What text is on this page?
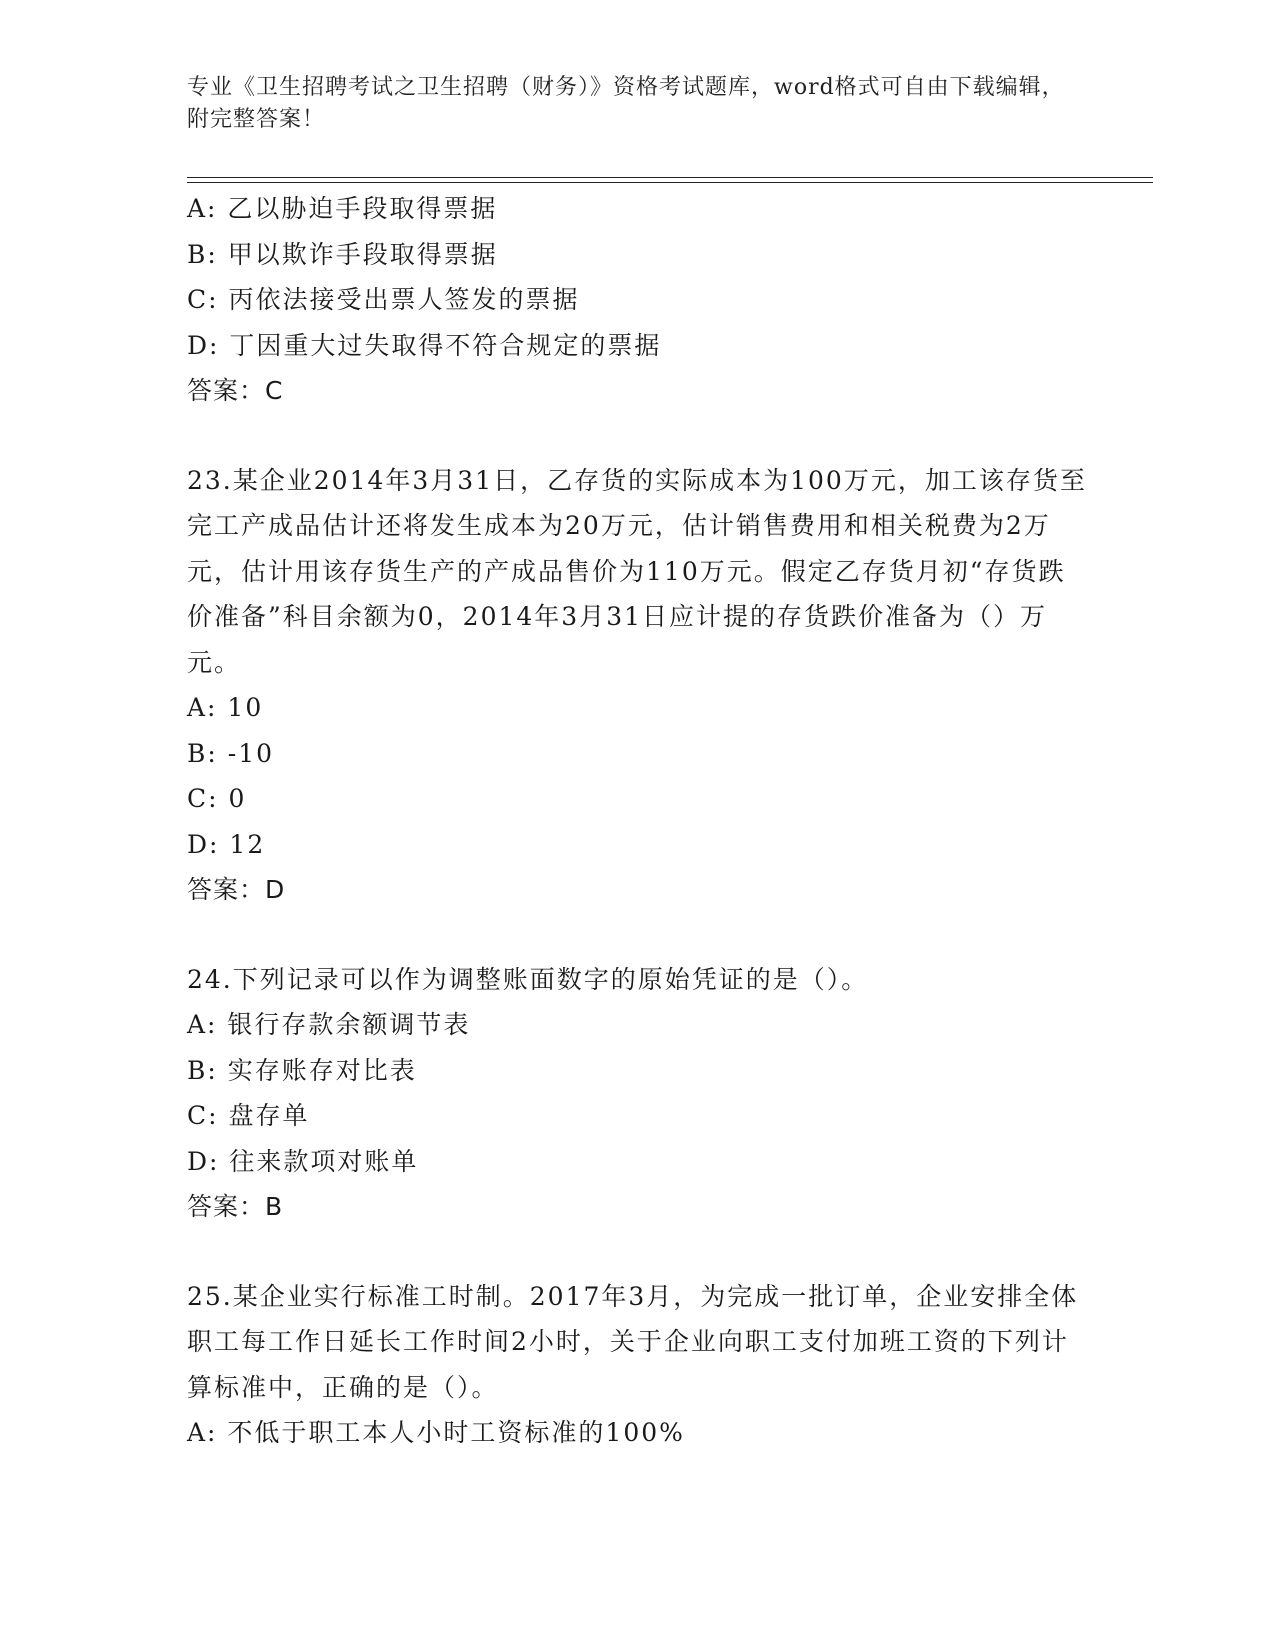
专业《卫生招聘考试之卫生招聘（财务）》资格考试题库，word格式可自由下载编辑，附完整答案！
A: 乙以胁迫手段取得票据
B: 甲以欺诈手段取得票据
C: 丙依法接受出票人签发的票据
D: 丁因重大过失取得不符合规定的票据
答案：C
23.某企业2014年3月31日，乙存货的实际成本为100万元，加工该存货至完工产成品估计还将发生成本为20万元，估计销售费用和相关税费为2万元，估计用该存货生产的产成品售价为110万元。假定乙存货月初“存货跌价准备”科目余额为0，2014年3月31日应计提的存货跌价准备为（）万元。
A: 10
B: -10
C: 0
D: 12
答案：D
24.下列记录可以作为调整账面数字的原始凭证的是（）。
A: 银行存款余额调节表
B: 实存账存对比表
C: 盘存单
D: 往来款项对账单
答案：B
25.某企业实行标准工时制。2017年3月，为完成一批订单，企业安排全体职工每工作日延长工作时间2小时，关于企业向职工支付加班工资的下列计算标准中，正确的是（）。
A: 不低于职工本人小时工资标准的100%
